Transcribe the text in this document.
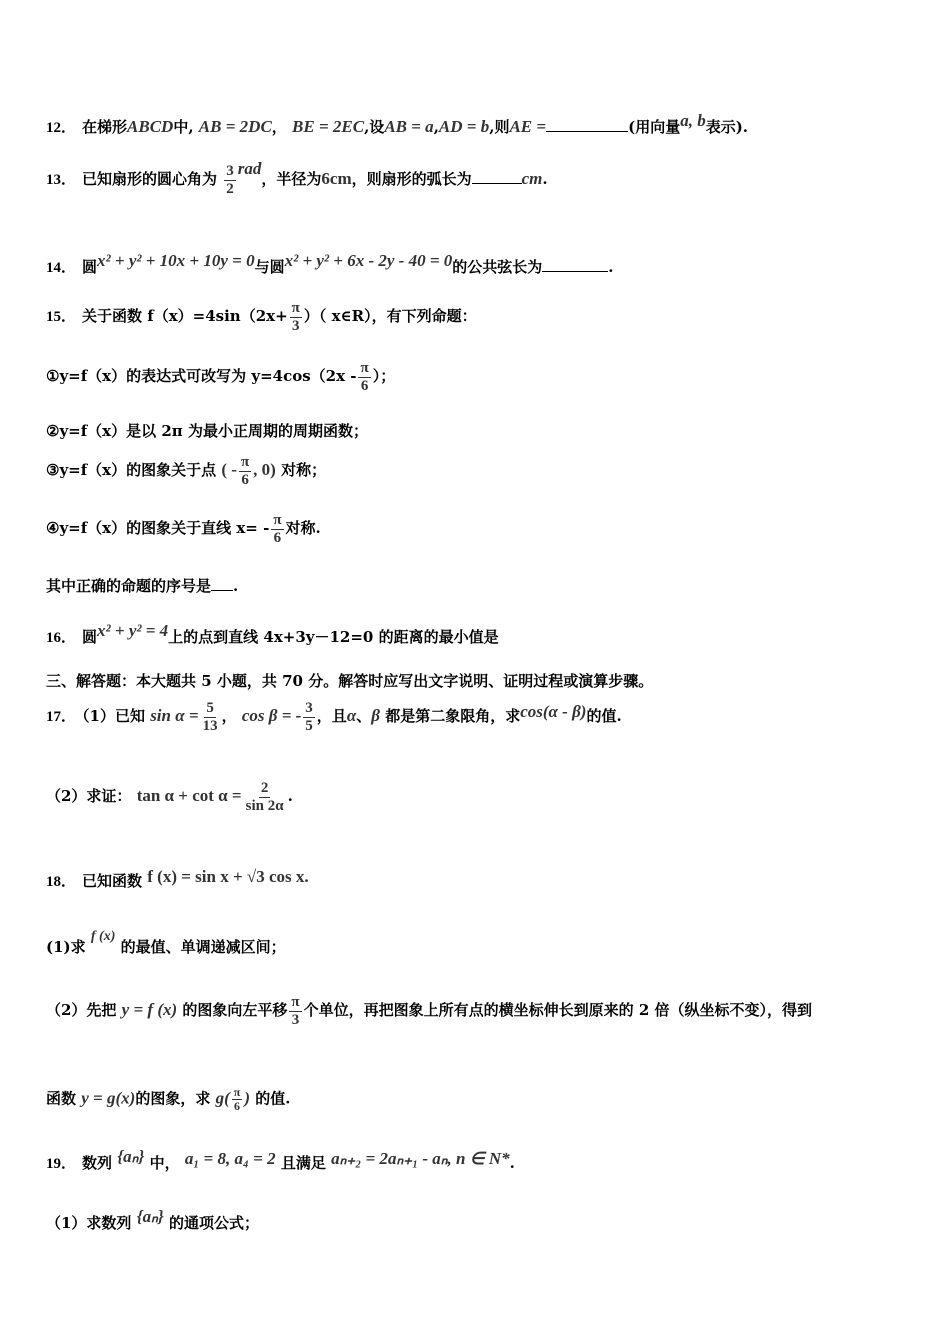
12． 在梯形ABCD中, AB = 2DC， BE = 2EC,设AB = a,AD = b,则AE =	(用向量a, b表示).
13． 已知扇形的圆心角为 $\frac{3}{2}$ rad，半径为6cm，则扇形的弧长为	cm.
14． 圆x² + y² + 10x + 10y = 0与圆x² + y² + 6x - 2y - 40 = 0的公共弦长为	.
15． 关于函数 $f(x)=4\sin(2x+ \frac{\pi}{3}$ ）（ x∈R），有下列命题：
①y=f（x）的表达式可改写为 $y=4\cos(2x - \frac{\pi}{6}$ ）；
②y=f（x）是以 2π 为最小正周期的周期函数；
③y=f（x）的图象关于点 ( - $\frac{\pi}{6}$ , 0) 对称；
④y=f（x）的图象关于直线 $x= - \frac{\pi}{6}$ 对称.
其中正确的命题的序号是 .
16． 圆x² + y² = 4上的点到直线 4x+3y－12=0 的距离的最小值是
三、解答题：本大题共 5 小题，共 70 分。解答时应写出文字说明、证明过程或演算步骤。
17． （1）已知 $\sin \alpha = \frac{5}{13}$ ， cos β = - $\frac{3}{5}$ ，且α、β 都是第二象限角，求cos(α - β)的值.
（2）求证： $\tan \alpha + \cot \alpha = \frac{2}{\sin 2\alpha}$ .
18． 已知函数 f (x) = sin x + √3 cos x.
(1)求 f (x) 的最值、单调递减区间；
（2）先把 y = f (x) 的图象向左平移 $\frac{\pi}{3}$ 个单位，再把图象上所有点的横坐标伸长到原来的 2 倍（纵坐标不变），得到
函数 y = g(x)的图象，求 $g( \frac{\pi}{6}$ ) 的值.
19． 数列 {aₙ} 中， a₁ = 8, a₄ = 2 且满足 aₙ₊₂ = 2aₙ₊₁ - aₙ, n ∈ N*.
（1）求数列 {aₙ} 的通项公式；
